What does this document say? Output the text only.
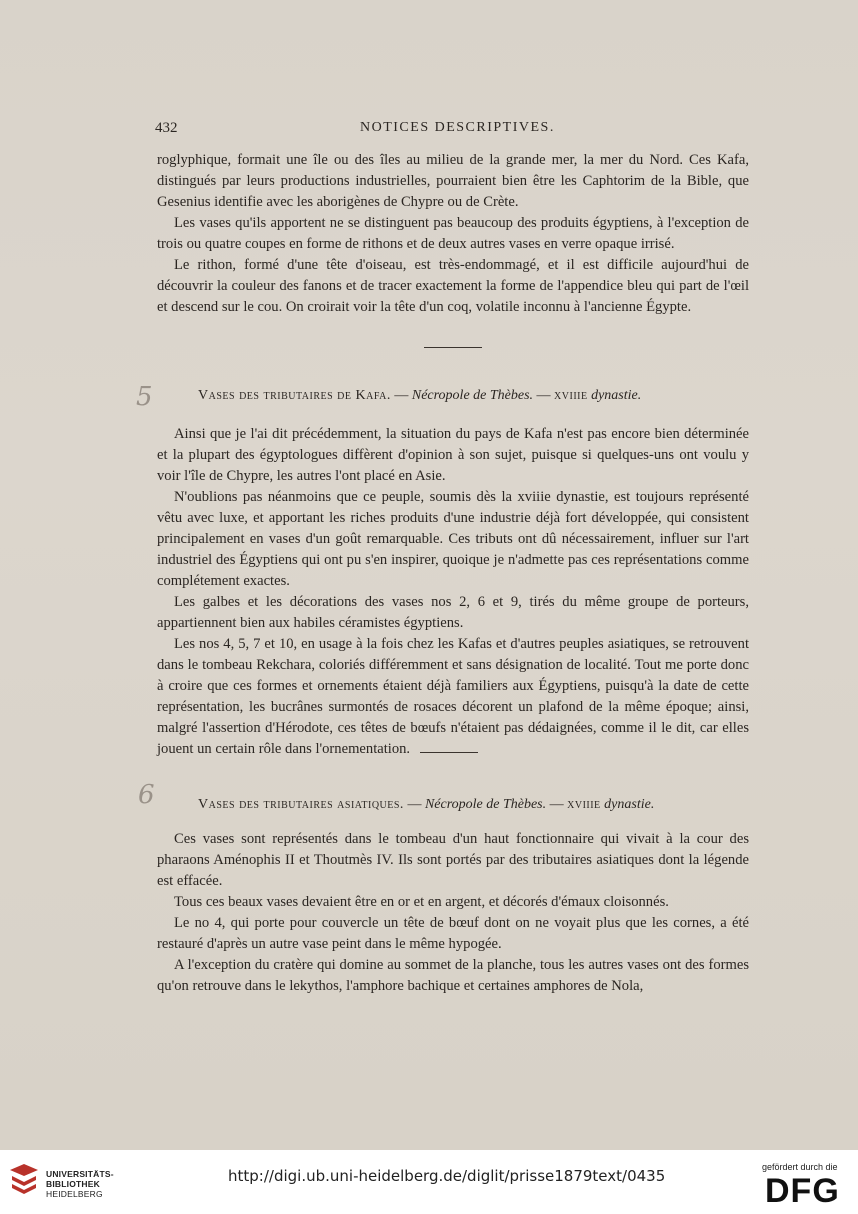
432	NOTICES DESCRIPTIVES.

roglyphique, formait une île ou des îles au milieu de la grande mer, la mer du Nord. Ces Kafa, distingués par leurs productions industrielles, pourraient bien être les Caphtorim de la Bible, que Gesenius identifie avec les aborigènes de Chypre ou de Crète.

Les vases qu'ils apportent ne se distinguent pas beaucoup des produits égyptiens, à l'exception de trois ou quatre coupes en forme de rithons et de deux autres vases en verre opaque irrisé.

Le rithon, formé d'une tête d'oiseau, est très-endommagé, et il est difficile aujourd'hui de découvrir la couleur des fanons et de tracer exactement la forme de l'appendice bleu qui part de l'œil et descend sur le cou. On croirait voir la tête d'un coq, volatile inconnu à l'ancienne Égypte.

5	Vases des tributaires de Kafa. — Nécropole de Thèbes. — xviiie dynastie.

Ainsi que je l'ai dit précédemment, la situation du pays de Kafa n'est pas encore bien déterminée et la plupart des égyptologues diffèrent d'opinion à son sujet, puisque si quelques-uns ont voulu y voir l'île de Chypre, les autres l'ont placé en Asie.

N'oublions pas néanmoins que ce peuple, soumis dès la xviiie dynastie, est toujours représenté vêtu avec luxe, et apportant les riches produits d'une industrie déjà fort développée, qui consistent principalement en vases d'un goût remarquable. Ces tributs ont dû nécessairement, influer sur l'art industriel des Égyptiens qui ont pu s'en inspirer, quoique je n'admette pas ces représentations comme complétement exactes.

Les galbes et les décorations des vases nos 2, 6 et 9, tirés du même groupe de porteurs, appartiennent bien aux habiles céramistes égyptiens.

Les nos 4, 5, 7 et 10, en usage à la fois chez les Kafas et d'autres peuples asiatiques, se retrouvent dans le tombeau Rekchara, coloriés différemment et sans désignation de localité. Tout me porte donc à croire que ces formes et ornements étaient déjà familiers aux Égyptiens, puisqu'à la date de cette représentation, les bucrânes surmontés de rosaces décorent un plafond de la même époque; ainsi, malgré l'assertion d'Hérodote, ces têtes de bœufs n'étaient pas dédaignées, comme il le dit, car elles jouent un certain rôle dans l'ornementation.

6	Vases des tributaires asiatiques. — Nécropole de Thèbes. — xviiie dynastie.

Ces vases sont représentés dans le tombeau d'un haut fonctionnaire qui vivait à la cour des pharaons Aménophis II et Thoutmès IV. Ils sont portés par des tributaires asiatiques dont la légende est effacée.

Tous ces beaux vases devaient être en or et en argent, et décorés d'émaux cloisonnés.

Le no 4, qui porte pour couvercle un tête de bœuf dont on ne voyait plus que les cornes, a été restauré d'après un autre vase peint dans le même hypogée.

A l'exception du cratère qui domine au sommet de la planche, tous les autres vases ont des formes qu'on retrouve dans le lekythos, l'amphore bachique et certaines amphores de Nola,

UNIVERSITÄTS-
BIBLIOTHEK
HEIDELBERG
http://digi.ub.uni-heidelberg.de/diglit/prisse1879text/0435	gefördert durch die
DFG
